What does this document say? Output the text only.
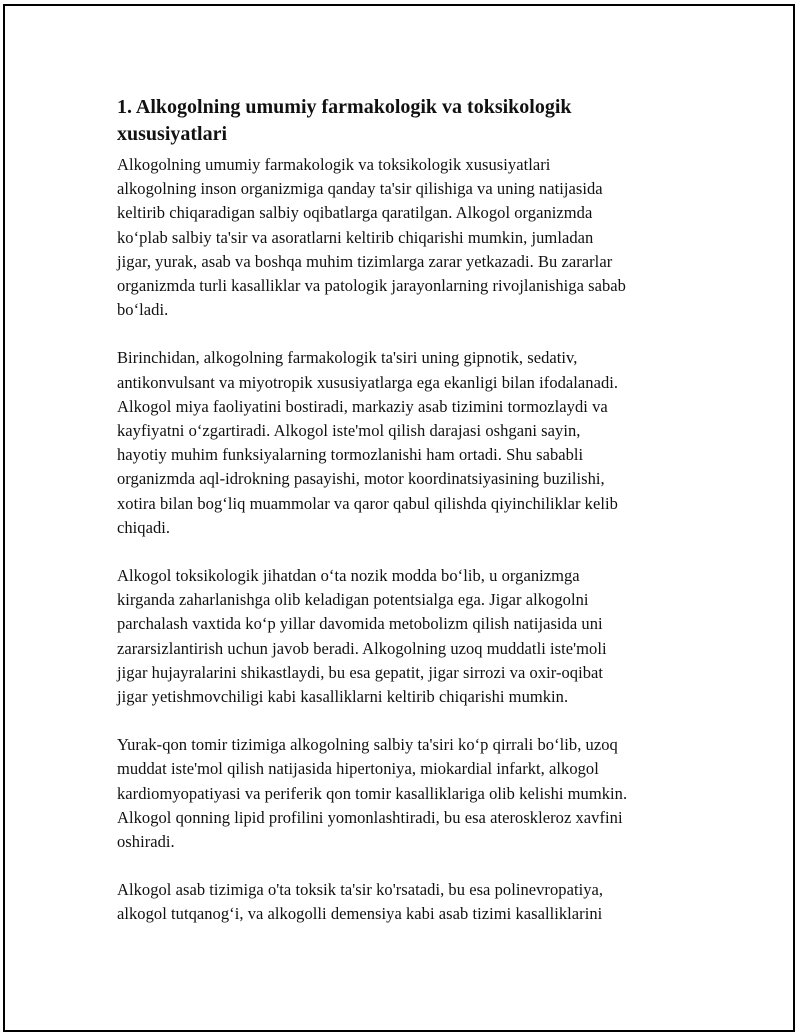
1. Alkogolning umumiy farmakologik va toksikologik
xususiyatlari

Alkogolning umumiy farmakologik va toksikologik xususiyatlari
alkogolning inson organizmiga qanday ta'sir qilishiga va uning natijasida
keltirib chiqaradigan salbiy oqibatlarga qaratilgan. Alkogol organizmda
ko‘plab salbiy ta'sir va asoratlarni keltirib chiqarishi mumkin, jumladan
jigar, yurak, asab va boshqa muhim tizimlarga zarar yetkazadi. Bu zararlar
organizmda turli kasalliklar va patologik jarayonlarning rivojlanishiga sabab
bo‘ladi.

Birinchidan, alkogolning farmakologik ta'siri uning gipnotik, sedativ,
antikonvulsant va miyotropik xususiyatlarga ega ekanligi bilan ifodalanadi.
Alkogol miya faoliyatini bostiradi, markaziy asab tizimini tormozlaydi va
kayfiyatni o‘zgartiradi. Alkogol iste'mol qilish darajasi oshgani sayin,
hayotiy muhim funksiyalarning tormozlanishi ham ortadi. Shu sababli
organizmda aql-idrokning pasayishi, motor koordinatsiyasining buzilishi,
xotira bilan bog‘liq muammolar va qaror qabul qilishda qiyinchiliklar kelib
chiqadi.

Alkogol toksikologik jihatdan o‘ta nozik modda bo‘lib, u organizmga
kirganda zaharlanishga olib keladigan potentsialga ega. Jigar alkogolni
parchalash vaxtida ko‘p yillar davomida metobolizm qilish natijasida uni
zararsizlantirish uchun javob beradi. Alkogolning uzoq muddatli iste'moli
jigar hujayralarini shikastlaydi, bu esa gepatit, jigar sirrozi va oxir-oqibat
jigar yetishmovchiligi kabi kasalliklarni keltirib chiqarishi mumkin.

Yurak-qon tomir tizimiga alkogolning salbiy ta'siri ko‘p qirrali bo‘lib, uzoq
muddat iste'mol qilish natijasida hipertoniya, miokardial infarkt, alkogol
kardiomyopatiyasi va periferik qon tomir kasalliklariga olib kelishi mumkin.
Alkogol qonning lipid profilini yomonlashtiradi, bu esa ateroskleroz xavfini
oshiradi.

Alkogol asab tizimiga o'ta toksik ta'sir ko'rsatadi, bu esa polinevropatiya,
alkogol tutqanog‘i, va alkogolli demensiya kabi asab tizimi kasalliklarini
